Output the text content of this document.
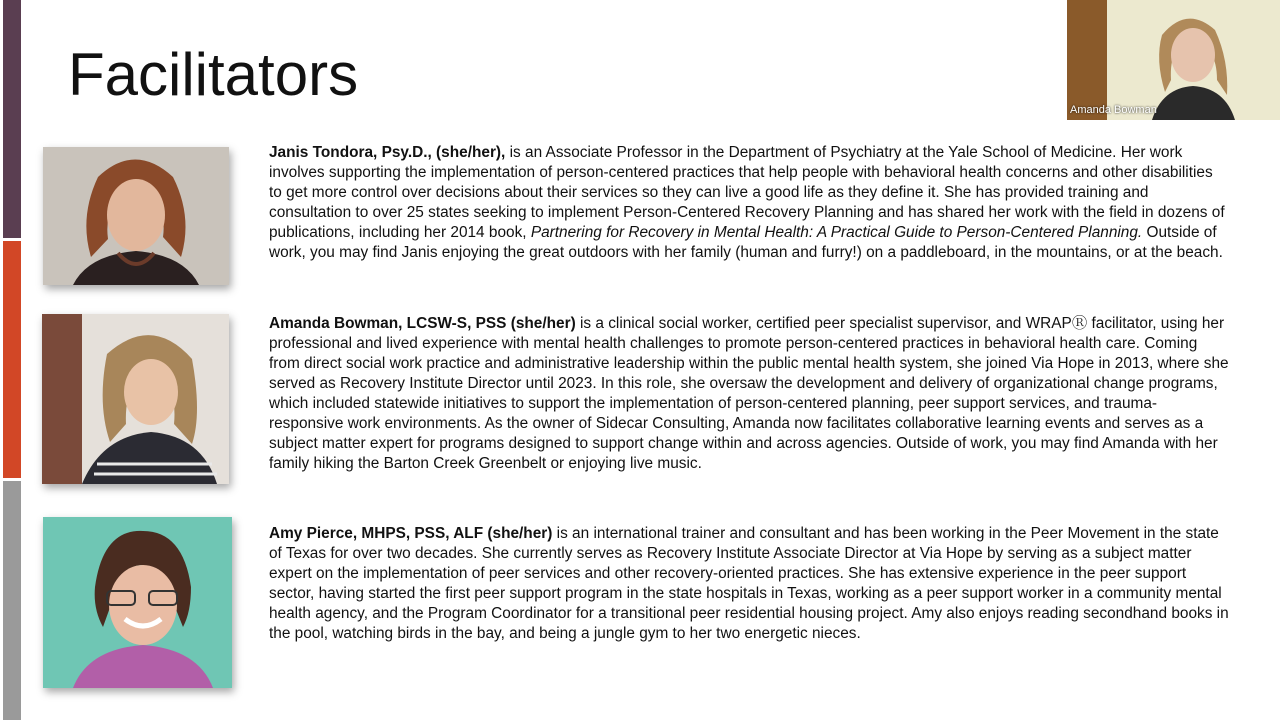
Facilitators

Janis Tondora, Psy.D., (she/her), is an Associate Professor in the Department of Psychiatry at the Yale School of Medicine. Her work involves supporting the implementation of person-centered practices that help people with behavioral health concerns and other disabilities to get more control over decisions about their services so they can live a good life as they define it. She has provided training and consultation to over 25 states seeking to implement Person-Centered Recovery Planning and has shared her work with the field in dozens of publications, including her 2014 book, Partnering for Recovery in Mental Health: A Practical Guide to Person-Centered Planning. Outside of work, you may find Janis enjoying the great outdoors with her family (human and furry!) on a paddleboard, in the mountains, or at the beach.

Amanda Bowman, LCSW-S, PSS (she/her) is a clinical social worker, certified peer specialist supervisor, and WRAPⓇ facilitator, using her professional and lived experience with mental health challenges to promote person-centered practices in behavioral health care. Coming from direct social work practice and administrative leadership within the public mental health system, she joined Via Hope in 2013, where she served as Recovery Institute Director until 2023. In this role, she oversaw the development and delivery of organizational change programs, which included statewide initiatives to support the implementation of person-centered planning, peer support services, and trauma-responsive work environments. As the owner of Sidecar Consulting, Amanda now facilitates collaborative learning events and serves as a subject matter expert for programs designed to support change within and across agencies. Outside of work, you may find Amanda with her family hiking the Barton Creek Greenbelt or enjoying live music.

Amy Pierce, MHPS, PSS, ALF (she/her) is an international trainer and consultant and has been working in the Peer Movement in the state of Texas for over two decades. She currently serves as Recovery Institute Associate Director at Via Hope by serving as a subject matter expert on the implementation of peer services and other recovery-oriented practices. She has extensive experience in the peer support sector, having started the first peer support program in the state hospitals in Texas, working as a peer support worker in a community mental health agency, and the Program Coordinator for a transitional peer residential housing project. Amy also enjoys reading secondhand books in the pool, watching birds in the bay, and being a jungle gym to her two energetic nieces.

Amanda Bowman
